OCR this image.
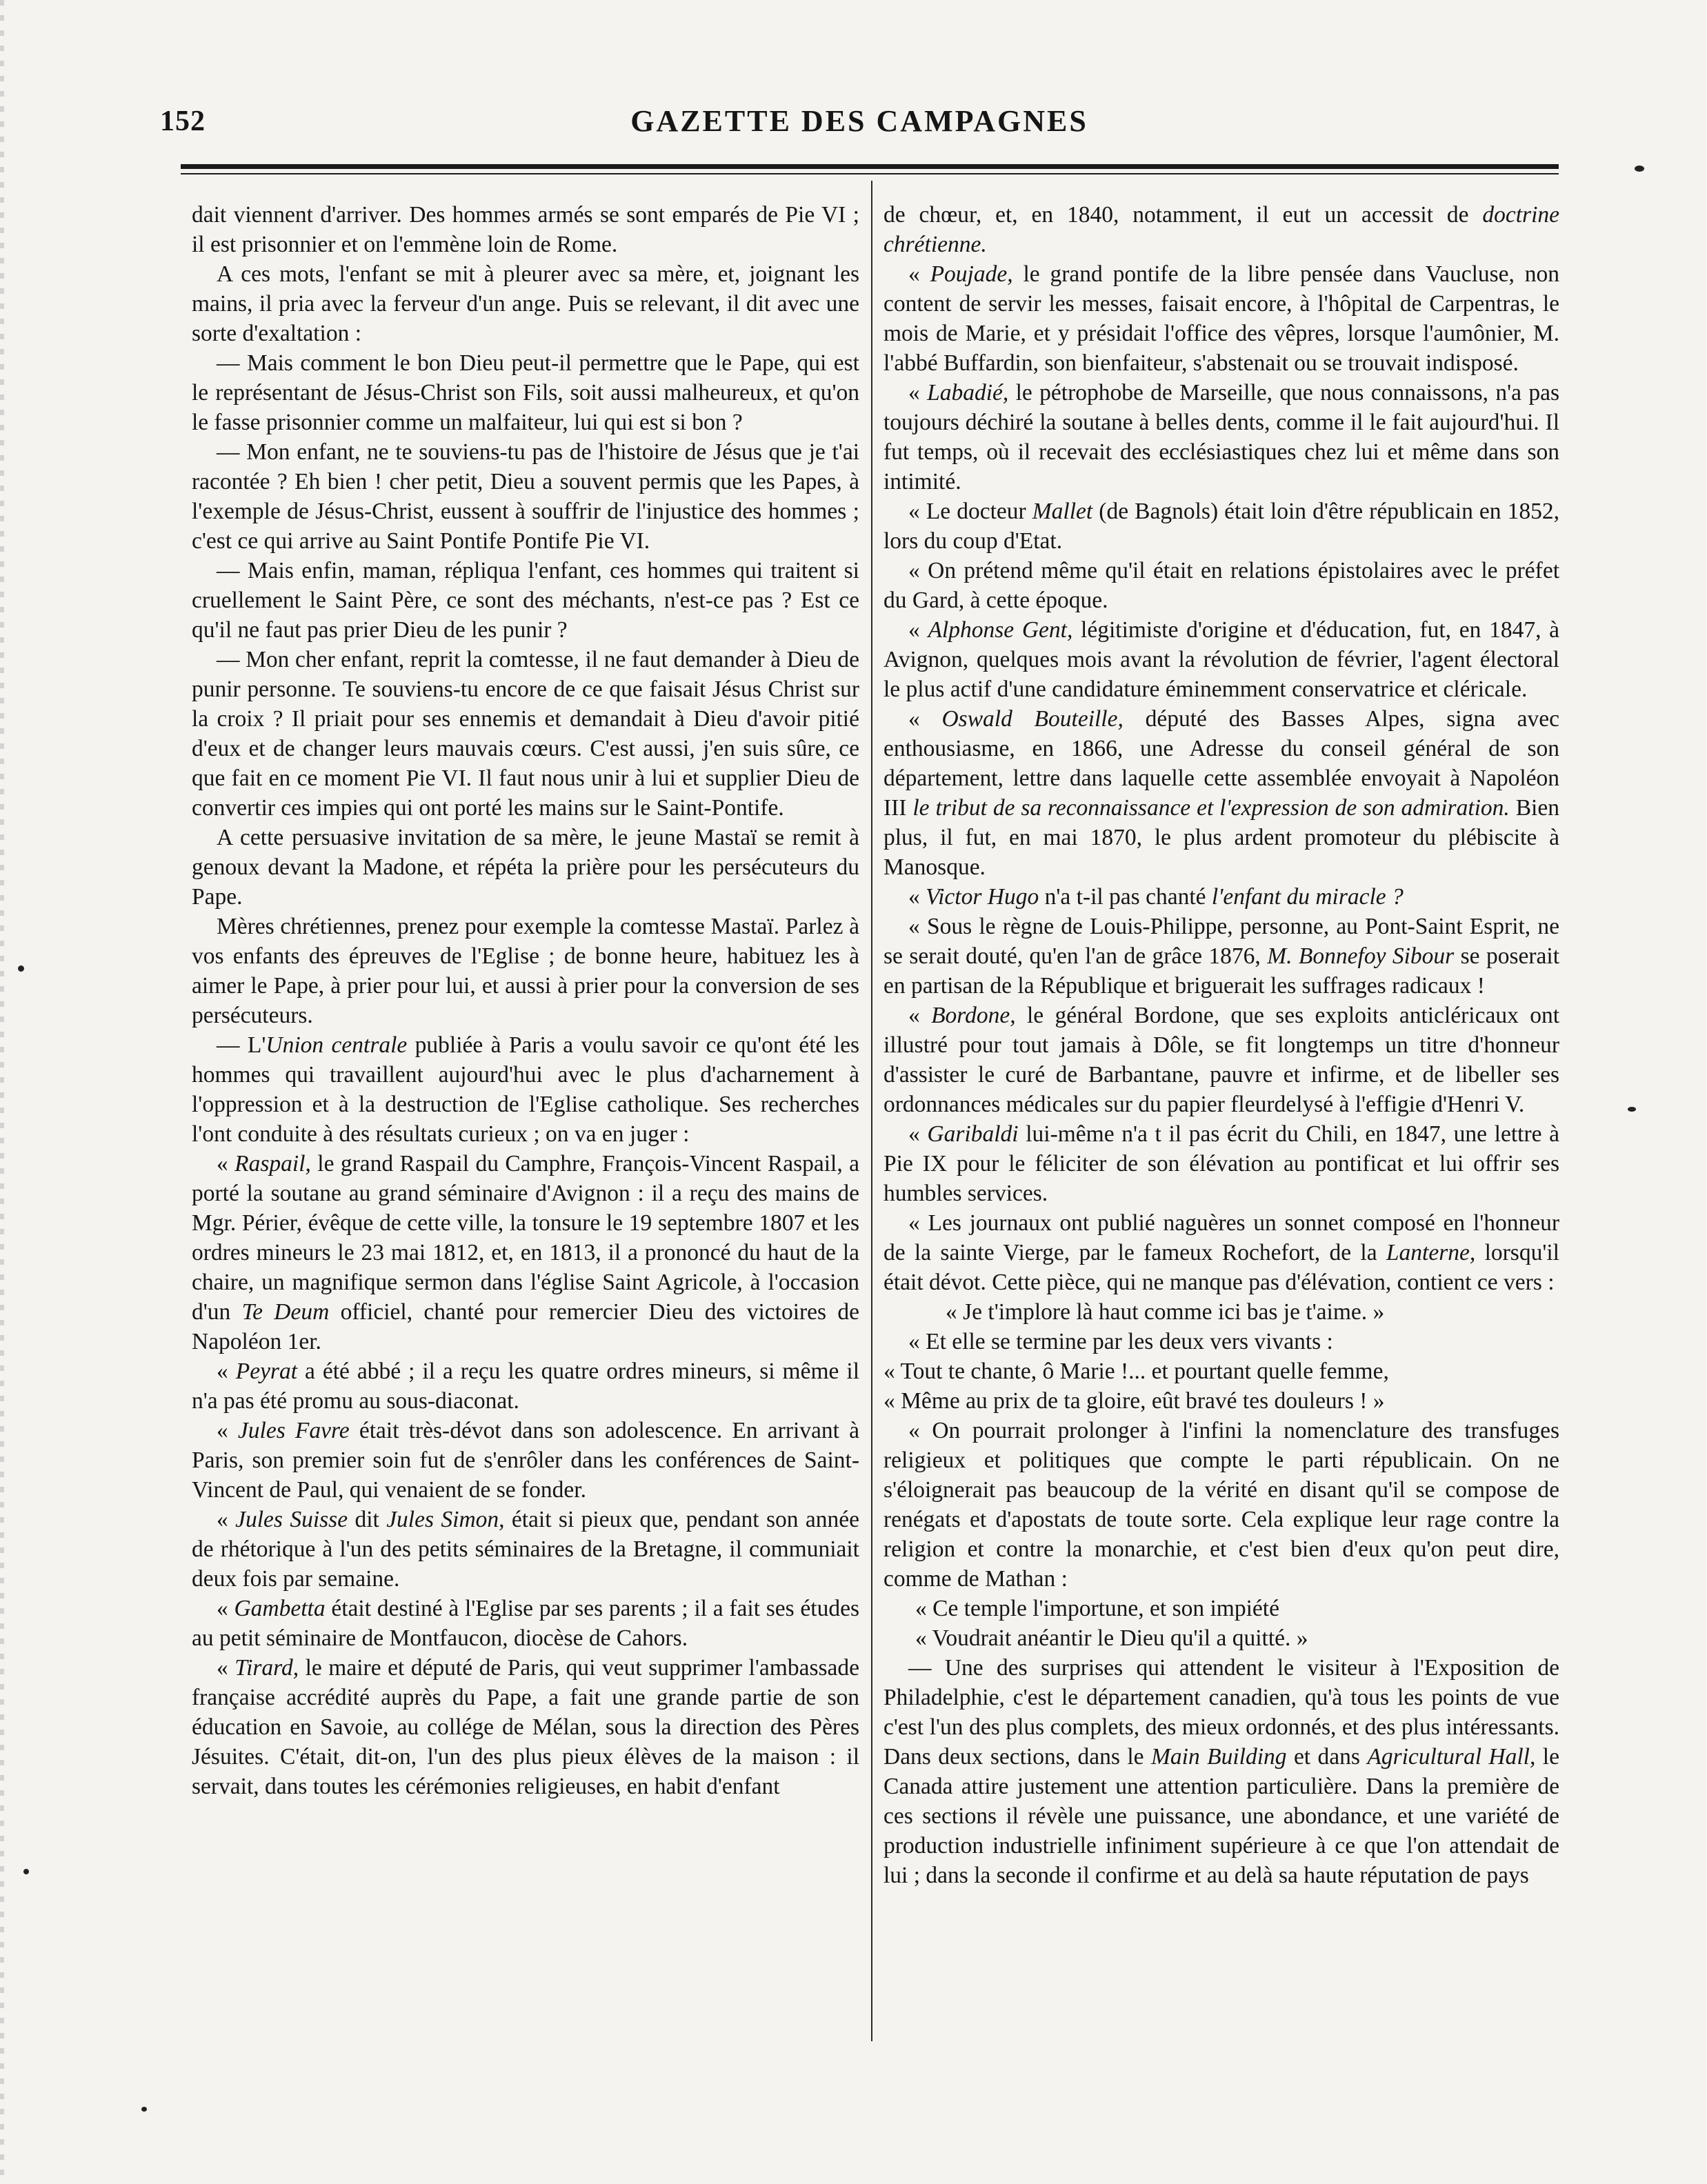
152	GAZETTE DES CAMPAGNES

dait viennent d'arriver. Des hommes armés se sont emparés de Pie VI ; il est prisonnier et on l'emmène loin de Rome.

A ces mots, l'enfant se mit à pleurer avec sa mère, et, joignant les mains, il pria avec la ferveur d'un ange. Puis se relevant, il dit avec une sorte d'exaltation :

— Mais comment le bon Dieu peut-il permettre que le Pape, qui est le représentant de Jésus-Christ son Fils, soit aussi malheureux, et qu'on le fasse prisonnier comme un malfaiteur, lui qui est si bon ?

— Mon enfant, ne te souviens-tu pas de l'histoire de Jésus que je t'ai racontée ? Eh bien ! cher petit, Dieu a souvent permis que les Papes, à l'exemple de Jésus-Christ, eussent à souffrir de l'injustice des hommes ; c'est ce qui arrive au Saint Pontife Pontife Pie VI.

— Mais enfin, maman, répliqua l'enfant, ces hommes qui traitent si cruellement le Saint Père, ce sont des méchants, n'est-ce pas ? Est ce qu'il ne faut pas prier Dieu de les punir ?

— Mon cher enfant, reprit la comtesse, il ne faut demander à Dieu de punir personne. Te souviens-tu encore de ce que faisait Jésus Christ sur la croix ? Il priait pour ses ennemis et demandait à Dieu d'avoir pitié d'eux et de changer leurs mauvais cœurs. C'est aussi, j'en suis sûre, ce que fait en ce moment Pie VI. Il faut nous unir à lui et supplier Dieu de convertir ces impies qui ont porté les mains sur le Saint-Pontife.

A cette persuasive invitation de sa mère, le jeune Mastaï se remit à genoux devant la Madone, et répéta la prière pour les persécuteurs du Pape.

Mères chrétiennes, prenez pour exemple la comtesse Mastaï. Parlez à vos enfants des épreuves de l'Eglise ; de bonne heure, habituez les à aimer le Pape, à prier pour lui, et aussi à prier pour la conversion de ses persécuteurs.

— L'Union centrale publiée à Paris a voulu savoir ce qu'ont été les hommes qui travaillent aujourd'hui avec le plus d'acharnement à l'oppression et à la destruction de l'Eglise catholique. Ses recherches l'ont conduite à des résultats curieux ; on va en juger :

« Raspail, le grand Raspail du Camphre, François-Vincent Raspail, a porté la soutane au grand séminaire d'Avignon : il a reçu des mains de Mgr. Périer, évêque de cette ville, la tonsure le 19 septembre 1807 et les ordres mineurs le 23 mai 1812, et, en 1813, il a prononcé du haut de la chaire, un magnifique sermon dans l'église Saint Agricole, à l'occasion d'un Te Deum officiel, chanté pour remercier Dieu des victoires de Napoléon 1er.

« Peyrat a été abbé ; il a reçu les quatre ordres mineurs, si même il n'a pas été promu au sous-diaconat.

« Jules Favre était très-dévot dans son adolescence. En arrivant à Paris, son premier soin fut de s'enrôler dans les conférences de Saint-Vincent de Paul, qui venaient de se fonder.

« Jules Suisse dit Jules Simon, était si pieux que, pendant son année de rhétorique à l'un des petits séminaires de la Bretagne, il communiait deux fois par semaine.

« Gambetta était destiné à l'Eglise par ses parents ; il a fait ses études au petit séminaire de Montfaucon, diocèse de Cahors.

« Tirard, le maire et député de Paris, qui veut supprimer l'ambassade française accrédité auprès du Pape, a fait une grande partie de son éducation en Savoie, au collége de Mélan, sous la direction des Pères Jésuites. C'était, dit-on, l'un des plus pieux élèves de la maison : il servait, dans toutes les cérémonies religieuses, en habit d'enfant

de chœur, et, en 1840, notamment, il eut un accessit de doctrine chrétienne.

« Poujade, le grand pontife de la libre pensée dans Vaucluse, non content de servir les messes, faisait encore, à l'hôpital de Carpentras, le mois de Marie, et y présidait l'office des vêpres, lorsque l'aumônier, M. l'abbé Buffardin, son bienfaiteur, s'abstenait ou se trouvait indisposé.

« Labadié, le pétrophobe de Marseille, que nous connaissons, n'a pas toujours déchiré la soutane à belles dents, comme il le fait aujourd'hui. Il fut temps, où il recevait des ecclésiastiques chez lui et même dans son intimité.

« Le docteur Mallet (de Bagnols) était loin d'être républicain en 1852, lors du coup d'Etat.

« On prétend même qu'il était en relations épistolaires avec le préfet du Gard, à cette époque.

« Alphonse Gent, légitimiste d'origine et d'éducation, fut, en 1847, à Avignon, quelques mois avant la révolution de février, l'agent électoral le plus actif d'une candidature éminemment conservatrice et cléricale.

« Oswald Bouteille, député des Basses Alpes, signa avec enthousiasme, en 1866, une Adresse du conseil général de son département, lettre dans laquelle cette assemblée envoyait à Napoléon III le tribut de sa reconnaissance et l'expression de son admiration. Bien plus, il fut, en mai 1870, le plus ardent promoteur du plébiscite à Manosque.

« Victor Hugo n'a t-il pas chanté l'enfant du miracle ?

« Sous le règne de Louis-Philippe, personne, au Pont-Saint Esprit, ne se serait douté, qu'en l'an de grâce 1876, M. Bonnefoy Sibour se poserait en partisan de la République et briguerait les suffrages radicaux !

« Bordone, le général Bordone, que ses exploits anticléricaux ont illustré pour tout jamais à Dôle, se fit longtemps un titre d'honneur d'assister le curé de Barbantane, pauvre et infirme, et de libeller ses ordonnances médicales sur du papier fleurdelysé à l'effigie d'Henri V.

« Garibaldi lui-même n'a t il pas écrit du Chili, en 1847, une lettre à Pie IX pour le féliciter de son élévation au pontificat et lui offrir ses humbles services.

« Les journaux ont publié naguères un sonnet composé en l'honneur de la sainte Vierge, par le fameux Rochefort, de la Lanterne, lorsqu'il était dévot. Cette pièce, qui ne manque pas d'élévation, contient ce vers :

« Je t'implore là haut comme ici bas je t'aime. »

« Et elle se termine par les deux vers vivants :

« Tout te chante, ô Marie !... et pourtant quelle femme,

« Même au prix de ta gloire, eût bravé tes douleurs ! »

« On pourrait prolonger à l'infini la nomenclature des transfuges religieux et politiques que compte le parti républicain. On ne s'éloignerait pas beaucoup de la vérité en disant qu'il se compose de renégats et d'apostats de toute sorte. Cela explique leur rage contre la religion et contre la monarchie, et c'est bien d'eux qu'on peut dire, comme de Mathan :

« Ce temple l'importune, et son impiété

« Voudrait anéantir le Dieu qu'il a quitté. »

— Une des surprises qui attendent le visiteur à l'Exposition de Philadelphie, c'est le département canadien, qu'à tous les points de vue c'est l'un des plus complets, des mieux ordonnés, et des plus intéressants. Dans deux sections, dans le Main Building et dans Agricultural Hall, le Canada attire justement une attention particulière. Dans la première de ces sections il révèle une puissance, une abondance, et une variété de production industrielle infiniment supérieure à ce que l'on attendait de lui ; dans la seconde il confirme et au delà sa haute réputation de pays
